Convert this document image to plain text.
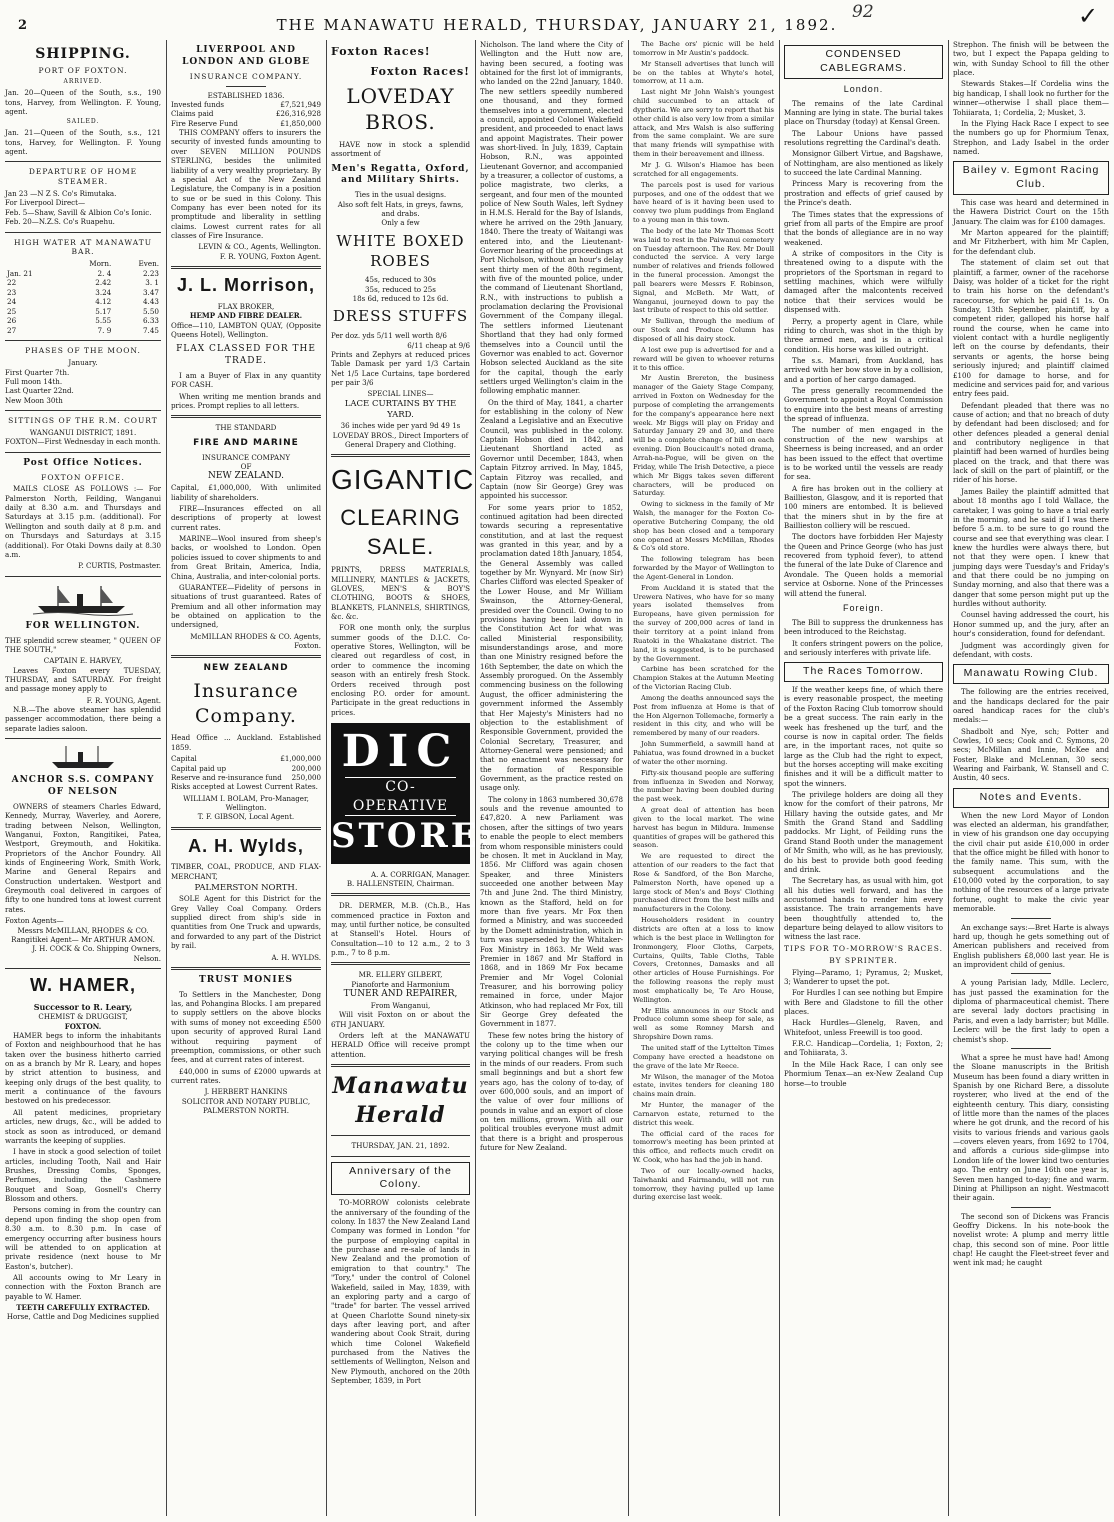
2	THE MANAWATU HERALD, THURSDAY, JANUARY 21, 1892.
92	✓
SHIPPING.
PORT OF FOXTON.
ARRIVED.

Jan. 20—Queen of the South, s.s., 190 tons, Harvey, from Wellington. F. Young, agent.

SAILED.

Jan. 21—Queen of the South, s.s., 121 tons, Harvey, for Wellington. F. Young agent.

DEPARTURE OF HOME STEAMER.
Jan 23 —N Z S. Co's Rimutaka.
For Liverpool Direct—
Feb. 5—Shaw, Savill & Albion Co's Ionic.
Feb. 20—N.Z.S. Co's Ruapehu.
HIGH WATER AT MANAWATU BAR.
	Morn.	Even.
Jan. 21	2. 4	2.23
22	2.42	3. 1
23	3.24	3.47
24	4.12	4.43
25	5.17	5.50
26	5.55	6.33
27	7. 9	7.45
PHASES OF THE MOON.
January.
First Quarter 7th.
Full moon 14th.
Last Quarter 22nd.
New Moon 30th
SITTINGS OF THE R.M. COURT
WANGANUI DISTRICT, 1891.

FOXTON—First Wednesday in each month.

Post Office Notices.
FOXTON OFFICE.

MAILS CLOSE AS FOLLOWS :— For Palmerston North, Feilding, Wanganui daily at 8.30 a.m. and Thursdays and Saturdays at 3.15 p.m. (additional). For Wellington and south daily at 8 p.m. and on Thursdays and Saturdays at 3.15 (additional). For Otaki Downs daily at 8.30 a.m.

P. CURTIS, Postmaster.
FOR WELLINGTON.

THE splendid screw steamer, " QUEEN OF THE SOUTH,"

CAPTAIN E. HARVEY,

Leaves Foxton every TUESDAY, THURSDAY, and SATURDAY. For freight and passage money apply to

F. R. YOUNG, Agent.

N.B.—The above steamer has splendid passenger accommodation, there being a separate ladies saloon.

ANCHOR S.S. COMPANY OF NELSON

OWNERS of steamers Charles Edward, Kennedy, Murray, Waverley, and Aorere, trading between Nelson, Wellington, Wanganui, Foxton, Rangitikei, Patea, Westport, Greymouth, and Hokitika. Proprietors of the Anchor Foundry. All kinds of Engineering Work, Smith Work, Marine and General Repairs and Construction undertaken. Westport and Greymouth coal delivered in cargoes of fifty to one hundred tons at lowest current rates.

Foxton Agents—
Messrs McMILLAN, RHODES & CO.
Rangitikei Agent— Mr ARTHUR AMON.
J. H. COCK & Co. Shipping Owners, Nelson.
W. HAMER,
Successor to R. Leary,
CHEMIST & DRUGGIST,
FOXTON.

HAMER begs to inform the inhabitants of Foxton and neighbourhood that he has taken over the business hitherto carried on as a branch by Mr R. Leary, and hopes by strict attention to business, and keeping only drugs of the best quality, to merit a continuance of the favours bestowed on his predecessor.

All patent medicines, proprietary articles, new drugs, &c., will be added to stock as soon as introduced, or demand warrants the keeping of supplies.

I have in stock a good selection of toilet articles, including Tooth, Nail and Hair Brushes, Dressing Combs, Sponges, Perfumes, including the Cashmere Bouquet and Soap, Gosnell's Cherry Blossom and others.

Persons coming in from the country can depend upon finding the shop open from 8.30 a.m. to 8.30 p.m. In case of emergency occurring after business hours will be attended to on application at private residence (next house to Mr Easton's, butcher).

All accounts owing to Mr Leary in connection with the Foxton Branch are payable to W. Hamer.

TEETH CAREFULLY EXTRACTED.
Horse, Cattle and Dog Medicines supplied
LIVERPOOL AND LONDON AND GLOBE
INSURANCE COMPANY.
ESTABLISHED 1836.
Invested funds	£7,521,949
Claims paid	£26,316,928
Fire Reserve Fund	£1,850,000

THIS COMPANY offers to insurers the security of invested funds amounting to over SEVEN MILLION POUNDS STERLING, besides the unlimited liability of a very wealthy proprietary. By a special Act of the New Zealand Legislature, the Company is in a position to sue or be sued in this Colony. This Company has ever been noted for its promptitude and liberality in settling claims. Lowest current rates for all classes of Fire Insurance.

LEVIN & CO., Agents, Wellington.
F. R. YOUNG, Foxton Agent.
J. L. Morrison,
FLAX BROKER,
HEMP AND FIBRE DEALER.

Office—110, LAMBTON QUAY, (Opposite Queens Hotel), Wellington.

FLAX CLASSED FOR THE TRADE.

I am a Buyer of Flax in any quantity FOR CASH.

When writing me mention brands and prices. Prompt replies to all letters.

THE STANDARD
FIRE AND MARINE
INSURANCE COMPANY
OF
NEW ZEALAND.

Capital, £1,000,000, With unlimited liability of shareholders.

FIRE—Insurances effected on all descriptions of property at lowest current rates.

MARINE—Wool insured from sheep's backs, or woolshed to London. Open policies issued to cover shipments to and from Great Britain, America, India, China, Australia, and inter-colonial ports.

GUARANTEE—Fidelity of persons in situations of trust guaranteed. Rates of Premium and all other information may be obtained on application to the undersigned,

McMILLAN RHODES & CO. Agents, Foxton.
NEW ZEALAND
Insurance Company.

Head Office ... Auckland. Established 1859.

Capital	£1,000,000
Capital paid up	200,000
Reserve and re-insurance fund 250,000

Risks accepted at Lowest Current Rates.

WILLIAM I. BOLAM, Pro-Manager, Wellington.
T. F. GIBSON, Local Agent.
A. H. Wylds,

TIMBER, COAL, PRODUCE, AND FLAX-MERCHANT,

PALMERSTON NORTH.

SOLE Agent for this District for the Grey Valley Coal Company. Orders supplied direct from ship's side in quantities from One Truck and upwards, and forwarded to any part of the District by rail.

A. H. WYLDS.
TRUST MONIES

To Settlers in the Manchester, Dong las, and Pohangina Blocks. I am prepared to supply settlers on the above blocks with sums of money not exceeding £500 upon security of approved Rural Land without requiring payment of preemption, commissions, or other such fees, and at current rates of interest.

£40,000 in sums of £2000 upwards at current rates.

J. HERBERT HANKINS
SOLICITOR AND NOTARY PUBLIC, PALMERSTON NORTH.
Foxton Races!
Foxton Races!
LOVEDAY BROS.

HAVE now in stock a splendid assortment of

Men's Regatta, Oxford, and Military Shirts.
Ties in the usual designs.
Also soft felt Hats, in greys, fawns, and drabs.
Only a few
WHITE BOXED ROBES
45s, reduced to 30s
35s, reduced to 25s
18s 6d, reduced to 12s 6d.
DRESS STUFFS
Per doz. yds 5/11 well worth 8/6
6/11 cheap at 9/6

Prints and Zephyrs at reduced prices Table Damask per yard 1/3 Cartain Net 1/5 Lace Curtains, tape bordered per pair 3/6

SPECIAL LINES—
LACE CURTAINS BY THE YARD.
36 inches wide per yard 9d 49 1s
LOVEDAY BROS., Direct Importers of General Drapery and Clothing.
GIGANTIC
CLEARING SALE.

PRINTS, DRESS MATERIALS, MILLINERY, MANTLES & JACKETS, GLOVES, MEN'S & BOY'S CLOTHING, BOOTS & SHOES, BLANKETS, FLANNELS, SHIRTINGS, &c. &c.

FOR one month only, the surplus summer goods of the D.I.C. Co-operative Stores, Wellington, will be cleared out regardless of cost, in order to commence the incoming season with an entirely fresh Stock. Orders received through post enclosing P.O. order for amount. Participate in the great reductions in prices.

DIC
CO-OPERATIVE
STORES
A. A. CORRIGAN, Manager.
B. HALLENSTEIN, Chairman.

DR. DERMER, M.B. (Ch.B., Has commenced practice in Foxton and may, until further notice, be consulted at Stansell's Hotel. Hours of Consultation—10 to 12 a.m., 2 to 3 p.m., 7 to 8 p.m.

MR. ELLERY GILBERT,
Pianoforte and Harmonium
TUNER AND REPAIRER,
From Wanganui,

Will visit Foxton on or about the 6TH JANUARY.

Orders left at the MANAWATU HERALD Office will receive prompt attention.

Manawatu Herald
THURSDAY, JAN. 21, 1892.
Anniversary of the Colony.

TO-MORROW colonists celebrate the anniversary of the founding of the colony. In 1837 the New Zealand Land Company was formed in London "for the purpose of employing capital in the purchase and re-sale of lands in New Zealand and the promotion of emigration to that country." The "Tory," under the control of Colonel Wakefield, sailed in May, 1839, with an exploring party and a cargo of "trade" for barter. The vessel arrived at Queen Charlotte Sound ninety-six days after leaving port, and after wandering about Cook Strait, during which time Colonel Wakefield purchased from the Natives the settlements of Wellington, Nelson and New Plymouth, anchored on the 20th September, 1839, in Port

Nicholson. The land where the City of Wellington and the Hutt now are, having been secured, a footing was obtained for the first lot of immigrants, who landed on the 22nd January, 1840. The new settlers speedily numbered one thousand, and they formed themselves into a government, elected a council, appointed Colonel Wakefield president, and proceeded to enact laws and appoint Magistrates. Their power was short-lived. In July, 1839, Captain Hobson, R.N., was appointed Lieutenant Governor, and accompanied by a treasurer, a collector of customs, a police magistrate, two clerks, a sergeant, and four men of the mounted police of New South Wales, left Sydney in H.M.S. Herald for the Bay of Islands, where he arrived on the 29th January, 1840. There the treaty of Waitangi was entered into, and the Lieutenant-Governor hearing of the proceedings at Port Nicholson, without an hour's delay sent thirty men of the 80th regiment, with five of the mounted police, under the command of Lieutenant Shortland, R.N., with instructions to publish a proclamation declaring the Provisional Government of the Company illegal. The settlers informed Lieutenant Shortland that they had only formed themselves into a Council until the Governor was enabled to act. Governor Hobson selected Auckland as the site for the capital, though the early settlers urged Wellington's claim in the following emphatic manner.

On the third of May, 1841, a charter for establishing in the colony of New Zealand a Legislative and an Executive Council, was published in the colony. Captain Hobson died in 1842, and Lieutenant Shortland acted as Governor until December, 1843, when Captain Fitzroy arrived. In May, 1845, Captain Fitzroy was recalled, and Captain (now Sir George) Grey was appointed his successor.

For some years prior to 1852, continued agitation had been directed towards securing a representative constitution, and at last the request was granted in this year, and by a proclamation dated 18th January, 1854, the General Assembly was called together by Mr. Wynyard. Mr (now Sir) Charles Clifford was elected Speaker of the Lower House, and Mr William Swainson, the Attorney-General, presided over the Council. Owing to no provisions having been laid down in the Constitution Act for what was called Ministerial responsibility, misunderstandings arose, and more than one Ministry resigned before the 16th September, the date on which the Assembly prorogued. On the Assembly commencing business on the following August, the officer administering the government informed the Assembly that Her Majesty's Ministers had no objection to the establishment of Responsible Government, provided the Colonial Secretary, Treasurer, and Attorney-General were pensioned; and that no enactment was necessary for the formation of Responsible Government, as the practice rested on usage only.

The colony in 1863 numbered 30,678 souls and the revenue amounted to £47,820. A new Parliament was chosen, after the sittings of two years to enable the people to elect members from whom responsible ministers could be chosen. It met in Auckland in May, 1856. Mr Clifford was again chosen Speaker, and three Ministers succeeded one another between May 7th and June 2nd. The third Ministry, known as the Stafford, held on for more than five years. Mr Fox then formed a Ministry, and was succeeded by the Domett administration, which in turn was superseded by the Whitaker-Fox Ministry in 1863. Mr Weld was Premier in 1867 and Mr Stafford in 1868, and in 1869 Mr Fox became Premier and Mr Vogel Colonial Treasurer, and his borrowing policy remained in force, under Major Atkinson, who had replaced Mr Fox, till Sir George Grey defeated the Government in 1877.

These few notes bring the history of the colony up to the time when our varying political changes will be fresh in the minds of our readers. From such small beginnings and but a short few years ago, has the colony of to-day, of over 600,000 souls, and an import of the value of over four millions of pounds in value and an export of close on ten millions, grown. With all our political troubles everyone must admit that there is a bright and prosperous future for New Zealand.

The Bache ors' picnic will be held tomorrow in Mr Austin's paddock.

Mr Stansell advertises that lunch will be on the tables at Whyte's hotel, tomorrow, at 11 a.m.

Last night Mr John Walsh's youngest child succumbed to an attack of dyptheria. We are sorry to report that his other child is also very low from a similar attack, and Mrs Walsh is also suffering from the same complaint. We are sure that many friends will sympathise with them in their bereavement and illness.

Mr J. G. Wilson's Hiamoe has been scratched for all engagements.

The parcels post is used for various purposes, and one of the oddest that we have heard of is it having been used to convey two plum puddings from England to a young man in this town.

The body of the late Mr Thomas Scott was laid to rest in the Paiwanui cemetery on Tuesday afternoon. The Rev. Mr Doull conducted the service. A very large number of relatives and friends followed in the funeral procession. Amongst the pall bearers were Messrs F. Robinson, Signal, and McBeth. Mr Watt, of Wanganui, journeyed down to pay the last tribute of respect to this old settler.

Mr Sullivan, through the medium of our Stock and Produce Column has disposed of all his dairy stock.

A lost ewe pup is advertised for and a reward will be given to whoever returns it to this office.

Mr Austin Brereton, the business manager of the Gaiety Stage Company, arrived in Foxton on Wednesday for the purpose of completing the arrangements for the company's appearance here next week. Mr Biggs will play on Friday and Saturday January 29 and 30, and there will be a complete change of bill on each evening. Dion Boucicault's noted drama, Arrah-na-Pogue, will be given on the Friday, while The Irish Detective, a piece which Mr Biggs takes seven different characters, will be produced on Saturday.

Owing to sickness in the family of Mr Walsh, the manager for the Foxton Co-operative Butchering Company, the old shop has been closed and a temporary one opened at Messrs McMillan, Rhodes & Co's old store.

The following telegram has been forwarded by the Mayor of Wellington to the Agent-General in London.

From Auckland it is stated that the Urewera Natives, who have for so many years isolated themselves from Europeans, have given permission for the survey of 200,000 acres of land in their territory at a point inland from Ruatoki in the Whakatane district. The land, it is suggested, is to be purchased by the Government.

Carbine has been scratched for the Champion Stakes at the Autumn Meeting of the Victorian Racing Club.

Among the deaths announced says the Post from influenza at Home is that of the Hon Algernon Tollemache, formerly a resident in this city, and who will be remembered by many of our readers.

John Summerfield, a sawmill hand at Pahiatua, was found drowned in a bucket of water the other morning.

Fifty-six thousand people are suffering from influenza in Sweden and Norway, the number having been doubled during the past week.

A great deal of attention has been given to the local market. The wine harvest has begun in Mildura. Immense quantities of grapes will be gathered this season.

We are requested to direct the attention of our readers to the fact that Rose & Sandford, of the Bon Marche, Palmerston North, have opened up a large stock of Men's and Boys' Clothing purchased direct from the best mills and manufacturers in the Colony.

Householders resident in country districts are often at a loss to know which is the best place in Wellington for Ironmongery, Floor Cloths, Carpets, Curtains, Quilts, Table Cloths, Table Covers, Cretonnes, Damasks and all other articles of House Furnishings. For the following reasons the reply must most emphatically be, Te Aro House, Wellington.

Mr Ellis announces in our Stock and Produce column some sheep for sale, as well as some Romney Marsh and Shropshire Down rams.

The united staff of the Lyttelton Times Company have erected a headstone on the grave of the late Mr Reece.

Mr Wilson, the manager of the Motoa estate, invites tenders for cleaning 180 chains main drain.

Mr Hunter, the manager of the Carnarvon estate, returned to the district this week.

The official card of the races for tomorrow's meeting has been printed at this office, and reflects much credit on W. Cook, who has had the job in hand.

Two of our locally-owned hacks, Taiwhanki and Fairmandu, will not run tomorrow, they having pulled up lame during exercise last week.

CONDENSED CABLEGRAMS.
London.

The remains of the late Cardinal Manning are lying in state. The burial takes place on Thursday (today) at Kensal Green.

The Labour Unions have passed resolutions regretting the Cardinal's death.

Monsignor Gilbert Virtue, and Bagshawe, of Nottingham, are also mentioned as likely to succeed the late Cardinal Manning.

Princess Mary is recovering from the prostration and effects of grief caused by the Prince's death.

The Times states that the expressions of grief from all parts of the Empire are proof that the bonds of allegiance are in no way weakened.

A strike of compositors in the City is threatened owing to a dispute with the proprietors of the Sportsman in regard to settling machines, which were wilfully damaged after the malcontents received notice that their services would be dispensed with.

Perry, a property agent in Clare, while riding to church, was shot in the thigh by three armed men, and is in a critical condition. His horse was killed outright.

The s.s. Mamari, from Auckland, has arrived with her bow stove in by a collision, and a portion of her cargo damaged.

The press generally recommended the Government to appoint a Royal Commission to enquire into the best means of arresting the spread of influenza.

The number of men engaged in the construction of the new warships at Sheerness is being increased, and an order has been issued to the effect that overtime is to be worked until the vessels are ready for sea.

A fire has broken out in the colliery at Baillieston, Glasgow, and it is reported that 100 miners are entombed. It is believed that the miners shut in by the fire at Baillieston colliery will be rescued.

The doctors have forbidden Her Majesty the Queen and Prince George (who has just recovered from typhoid fever), to attend the funeral of the late Duke of Clarence and Avondale. The Queen holds a memorial service at Osborne. None of the Princesses will attend the funeral.

Foreign.

The Bill to suppress the drunkenness has been introduced to the Reichstag.

It confers stringent powers on the police, and seriously interferes with private life.

The Races Tomorrow.

If the weather keeps fine, of which there is every reasonable prospect, the meeting of the Foxton Racing Club tomorrow should be a great success. The rain early in the week has freshened up the turf, and the course is now in capital order. The fields are, in the important races, not quite so large as the Club had the right to expect, but the horses accepting will make exciting finishes and it will be a difficult matter to spot the winners.

The privilege holders are doing all they know for the comfort of their patrons, Mr Hillary having the outside gates, and Mr Smith the Grand Stand and Saddling paddocks. Mr Light, of Feilding runs the Grand Stand Booth under the management of Mr Smith, who will, as he has previously, do his best to provide both good feeding and drink.

The Secretary has, as usual with him, got all his duties well forward, and has the accustomed hands to render him every assistance. The train arrangements have been thoughtfully attended to, the departure being delayed to allow visitors to witness the last race.

TIPS FOR TO-MORROW'S RACES.
BY SPRINTER.

Flying—Paramo, 1; Pyramus, 2; Musket, 3; Wanderer to upset the pot.

For Hurdles I can see nothing but Empire with Bere and Gladstone to fill the other places.

Hack Hurdles—Glenelg, Raven, and Whitefoot, unless Freewill is too good.

F.R.C. Handicap—Cordelia, 1; Foxton, 2; and Tohiiarata, 3.

In the Mile Hack Race, I can only see Phormium Tenax—an ex-New Zealand Cup horse—to trouble

Strephon. The finish will be between the two, but I expect the Papapa gelding to win, with Sunday School to fill the other place.

Stewards Stakes—If Cordelia wins the big handicap, I shall look no further for the winner—otherwise I shall place them—Tohiiarata, 1; Cordelia, 2; Musket, 3.

In the Flying Hack Race I expect to see the numbers go up for Phormium Tenax, Strephon, and Lady Isabel in the order named.

Bailey v. Egmont Racing Club.

This case was heard and determined in the Hawera District Court on the 15th January. The claim was for £100 damages.

Mr Marton appeared for the plaintiff; and Mr Fitzherbert, with him Mr Caplen, for the defendant club.

The statement of claim set out that plaintiff, a farmer, owner of the racehorse Daisy, was holder of a ticket for the right to train his horse on the defendant's racecourse, for which he paid £1 1s. On Sunday, 13th September, plaintiff, by a competent rider, galloped his horse half round the course, when he came into violent contact with a hurdle negligently left on the course by defendants, their servants or agents, the horse being seriously injured; and plaintiff claimed £100 for damage to horse, and for medicine and services paid for, and various entry fees paid.

Defendant pleaded that there was no cause of action; and that no breach of duty by defendant had been disclosed; and for other defences pleaded a general denial and contributory negligence in that plaintiff had been warned of hurdles being placed on the track, and that there was lack of skill on the part of plaintiff, or the rider of his horse.

James Bailey the plaintiff admitted that about 18 months ago I told Wallace, the caretaker, I was going to have a trial early in the morning, and he said if I was there before 5 a.m. to be sure to go round the course and see that everything was clear. I knew the hurdles were always there, but not that they were open. I knew that jumping days were Tuesday's and Friday's and that there could be no jumping on Sunday morning, and also that there was a danger that some person might put up the hurdles without authority.

Counsel having addressed the court, his Honor summed up, and the jury, after an hour's consideration, found for defendant.

Judgment was accordingly given for defendant, with costs.

Manawatu Rowing Club.

The following are the entries received, and the handicaps declared for the pair oared handicap races for the club's medals:—

Shadbolt and Nye, sch; Potter and Cowles, 10 secs; Cook and C. Symons, 20 secs; McMillan and Innie, McKee and Foster, Blake and McLennan, 30 secs; Wearing and Fairbank, W. Stansell and C. Austin, 40 secs.

Notes and Events.

When the new Lord Mayor of London was elected an alderman, his grandfather, in view of his grandson one day occupying the civil chair put aside £10,000 in order that the office might be filled with honor to the family name. This sum, with the subsequent accumulations and the £10,000 voted by the corporation, to say nothing of the resources of a large private fortune, ought to make the civic year memorable.

An exchange says:—Bret Harte is always hard up, though he gets something out of American publishers and received from English publishers £8,000 last year. He is an improvident child of genius.

A young Parisian lady, Mdlle. Leclerc, has just passed the examination for the diploma of pharmaceutical chemist. There are several lady doctors practising in Paris, and even a lady barrister; but Mdlle. Leclerc will be the first lady to open a chemist's shop.

What a spree he must have had! Among the Sloane manuscripts in the British Museum has been found a diary written in Spanish by one Richard Bere, a dissolute roysterer, who lived at the end of the eighteenth century. This diary, consisting of little more than the names of the places where he got drunk, and the record of his visits to various friends and various gaols—covers eleven years, from 1692 to 1704, and affords a curious side-glimpse into London life of the lower kind two centuries ago. The entry on June 16th one year is, Seven men hanged to-day; fine and warm. Dining at Phillipson an night. Westmacott their again.

The second son of Dickens was Francis Geoffry Dickens. In his note-book the novelist wrote: A plump and merry little chap, this second son of mine. Poor little chap! He caught the Fleet-street fever and went ink mad; he caught
